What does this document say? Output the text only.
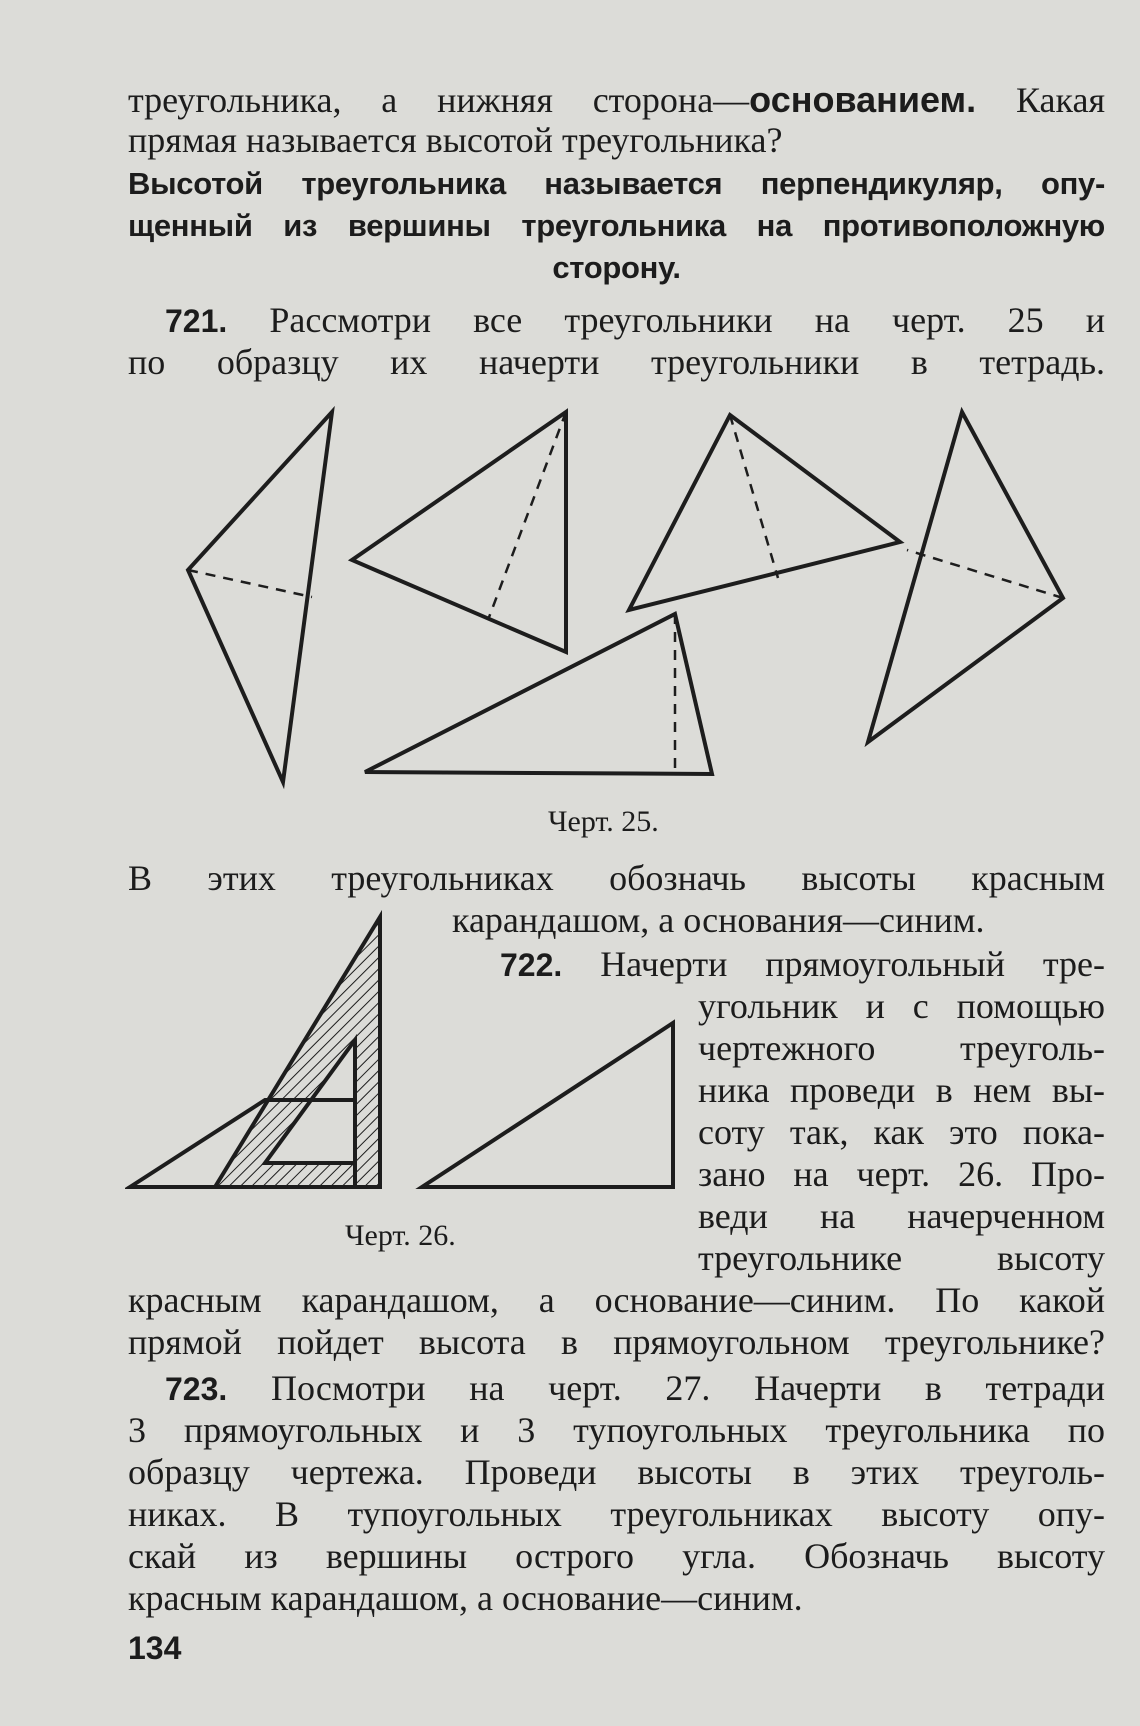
треугольника, а нижняя сторона—основанием. Какая
прямая называется высотой треугольника?
Высотой треугольника называется перпендикуляр, опу-
щенный из вершины треугольника на противоположную
сторону.
721. Рассмотри все треугольники на черт. 25 и
по образцу их начерти треугольники в тетрадь.
Черт. 25.
В этих треугольниках обозначь высоты красным
карандашом, а основания—синим.
Черт. 26.
722. Начерти прямоугольный тре-
угольник и с помощью
чертежного треуголь-
ника проведи в нем вы-
соту так, как это пока-
зано на черт. 26. Про-
веди на начерченном
треугольнике высоту
красным карандашом, а основание—синим. По какой
прямой пойдет высота в прямоугольном треугольнике?
723. Посмотри на черт. 27. Начерти в тетради
3 прямоугольных и 3 тупоугольных треугольника по
образцу чертежа. Проведи высоты в этих треуголь-
никах. В тупоугольных треугольниках высоту опу-
скай из вершины острого угла. Обозначь высоту
красным карандашом, а основание—синим.
134
